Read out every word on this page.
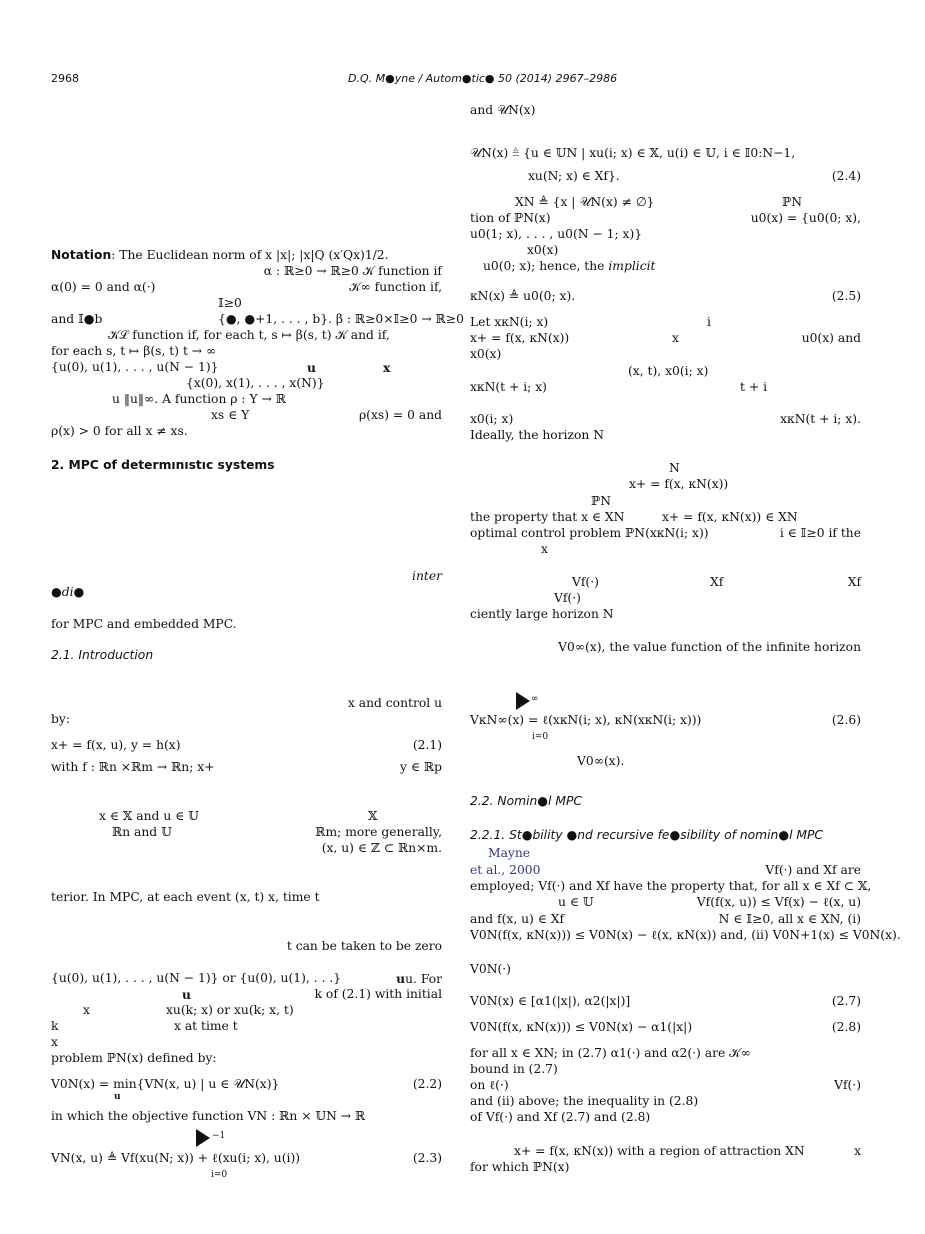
2968	D.Q. M●yne / Autom●tic● 50 (2014) 2967–2986
Notation: The Euclidean norm of x |x|; |x|Q (x′Qx)1/2.
α : ℝ≥0 → ℝ≥0 𝒦 function if
α(0) = 0 and α(·)	𝒦∞ function if,
𝕀≥0
and 𝕀●b	{●, ●+1, . . . , b}. β : ℝ≥0×𝕀≥0 → ℝ≥0
𝒦ℒ function if, for each t, s ↦ β(s, t) 𝒦 and if,
for each s, t ↦ β(s, t) t → ∞
{u(0), u(1), . . . , u(N − 1)}	u	x
{x(0), x(1), . . . , x(N)}
u ‖u‖∞. A function ρ : Y → ℝ
xs ∈ Y	ρ(xs) = 0 and
ρ(x) > 0 for all x ≠ xs.
2. MPC of determınıstıc systems
inter
●di●
for MPC and embedded MPC.
2.1. Introduction
x and control u
by:
x+ = f(x, u), y = h(x)	(2.1)
with f : ℝn ×ℝm → ℝn; x+	y ∈ ℝp
x ∈ 𝕏 and u ∈ 𝕌	𝕏
ℝn and 𝕌	ℝm; more generally,
(x, u) ∈ ℤ ⊂ ℝn×m.
terior. In MPC, at each event (x, t) x, time t
t can be taken to be zero
{u(0), u(1), . . . , u(N − 1)} or {u(0), u(1), . . .}	uu. For
u	k of (2.1) with initial
x	xu(k; x) or xu(k; x, t)
k	x at time t
x
problem ℙN(x) defined by:
V0N(x) = min{VN(x, u) | u ∈ 𝒰N(x)}
u
(2.2)
in which the objective function VN : ℝn × 𝕌N → ℝ
−1
VN(x, u) ≜ Vf(xu(N; x)) + ℓ(xu(i; x), u(i))
i=0
(2.3)
and 𝒰N(x)
𝒰N(x) ≜ {u ∈ 𝕌N | xu(i; x) ∈ 𝕏, u(i) ∈ 𝕌, i ∈ 𝕀0:N−1,
xu(N; x) ∈ Xf}.	(2.4)
XN ≜ {x | 𝒰N(x) ≠ ∅}	ℙN
tion of ℙN(x)	u0(x) = {u0(0; x),
u0(1; x), . . . , u0(N − 1; x)}
x0(x)
u0(0; x); hence, the implicit
κN(x) ≜ u0(0; x).	(2.5)
Let xκN(i; x)	i
x+ = f(x, κN(x))	x	u0(x) and
x0(x)
(x, t), x0(i; x)
xκN(t + i; x)	t + i
x0(i; x)	xκN(t + i; x).
Ideally, the horizon N
N
x+ = f(x, κN(x))
ℙN
the property that x ∈ XN	x+ = f(x, κN(x)) ∈ XN
optimal control problem ℙN(xκN(i; x))	i ∈ 𝕀≥0 if the
x
Vf(·)	Xf	Xf
Vf(·)
ciently large horizon N
V0∞(x), the value function of the infinite horizon
∞
VκN∞(x) = ℓ(xκN(i; x), κN(xκN(i; x)))
i=0
(2.6)
V0∞(x).
2.2. Nomin●l MPC
2.2.1. St●bility ●nd recursive fe●sibility of nomin●l MPC
Mayne
et al., 2000	Vf(·) and Xf are
employed; Vf(·) and Xf have the property that, for all x ∈ Xf ⊂ 𝕏,
u ∈ 𝕌	Vf(f(x, u)) ≤ Vf(x) − ℓ(x, u)
and f(x, u) ∈ Xf	N ∈ 𝕀≥0, all x ∈ XN, (i)
V0N(f(x, κN(x))) ≤ V0N(x) − ℓ(x, κN(x)) and, (ii) V0N+1(x) ≤ V0N(x).
V0N(·)
V0N(x) ∈ [α1(|x|), α2(|x|)]	(2.7)
V0N(f(x, κN(x))) ≤ V0N(x) − α1(|x|)	(2.8)
for all x ∈ XN; in (2.7) α1(·) and α2(·) are 𝒦∞
bound in (2.7)
on ℓ(·)	Vf(·)
and (ii) above; the inequality in (2.8)
of Vf(·) and Xf (2.7) and (2.8)
x+ = f(x, κN(x)) with a region of attraction XN	x
for which ℙN(x)
